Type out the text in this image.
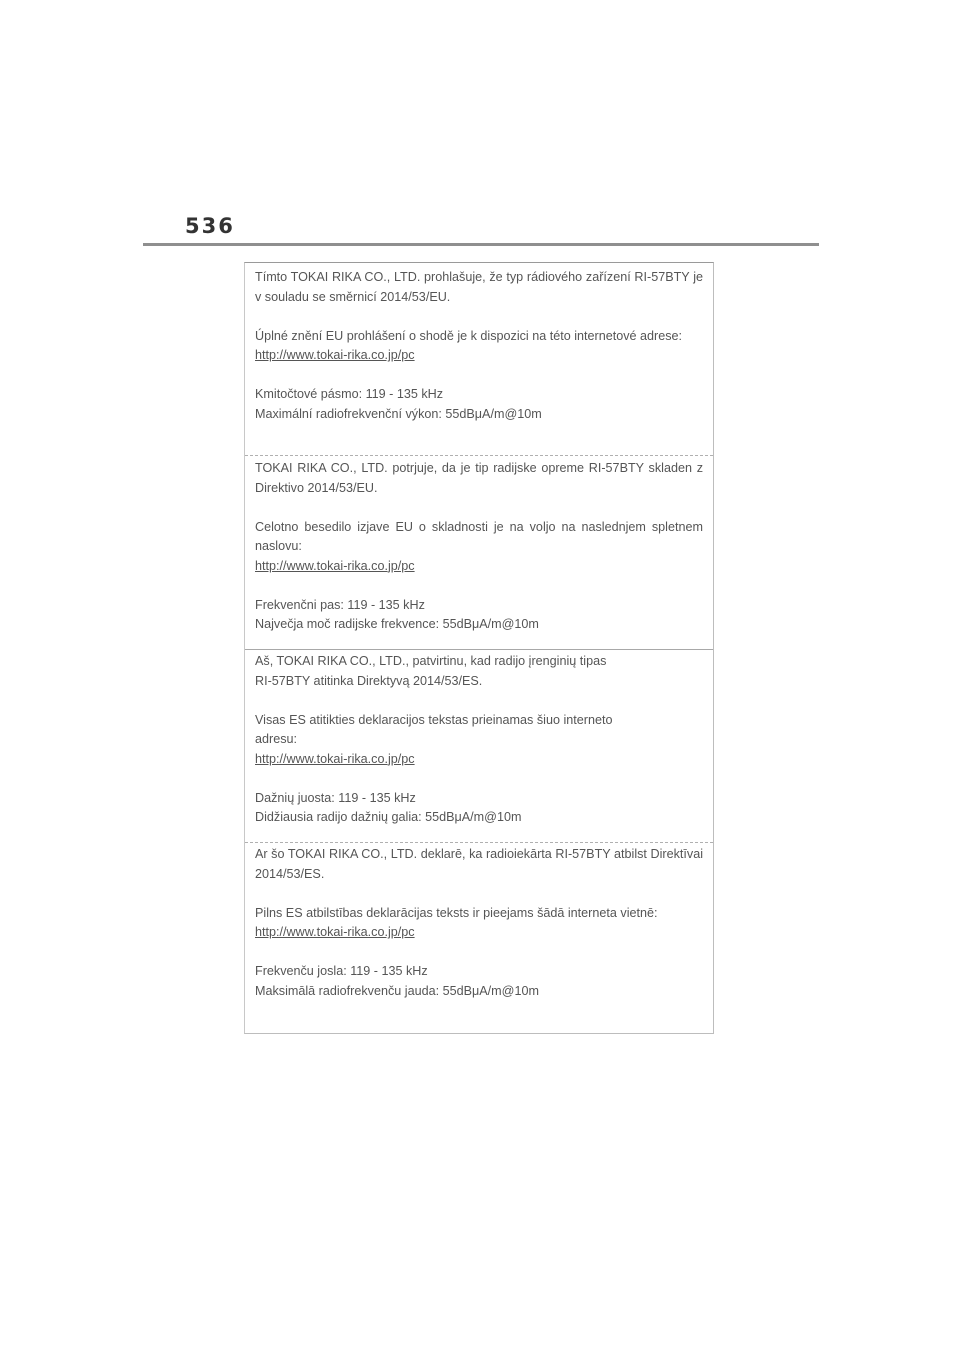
536

Tímto TOKAI RIKA CO., LTD. prohlašuje, že typ rádiového zařízení RI-57BTY je v souladu se směrnicí 2014/53/EU.

Úplné znění EU prohlášení o shodě je k dispozici na této internetové adrese:
http://www.tokai-rika.co.jp/pc

Kmitočtové pásmo: 119 - 135 kHz
Maximální radiofrekvenční výkon: 55dBμA/m@10m

TOKAI RIKA CO., LTD. potrjuje, da je tip radijske opreme RI-57BTY skladen z Direktivo 2014/53/EU.

Celotno besedilo izjave EU o skladnosti je na voljo na naslednjem spletnem naslovu:
http://www.tokai-rika.co.jp/pc

Frekvenčni pas: 119 - 135 kHz
Največja moč radijske frekvence: 55dBμA/m@10m

Aš, TOKAI RIKA CO., LTD., patvirtinu, kad radijo įrenginių tipas
RI-57BTY atitinka Direktyvą 2014/53/ES.

Visas ES atitikties deklaracijos tekstas prieinamas šiuo interneto
adresu:
http://www.tokai-rika.co.jp/pc

Dažnių juosta: 119 - 135 kHz
Didžiausia radijo dažnių galia: 55dBμA/m@10m

Ar šo TOKAI RIKA CO., LTD. deklarē, ka radioiekārta RI-57BTY atbilst Direktīvai 2014/53/ES.

Pilns ES atbilstības deklarācijas teksts ir pieejams šādā interneta vietnē:
http://www.tokai-rika.co.jp/pc

Frekvenču josla: 119 - 135 kHz
Maksimālā radiofrekvenču jauda: 55dBμA/m@10m
